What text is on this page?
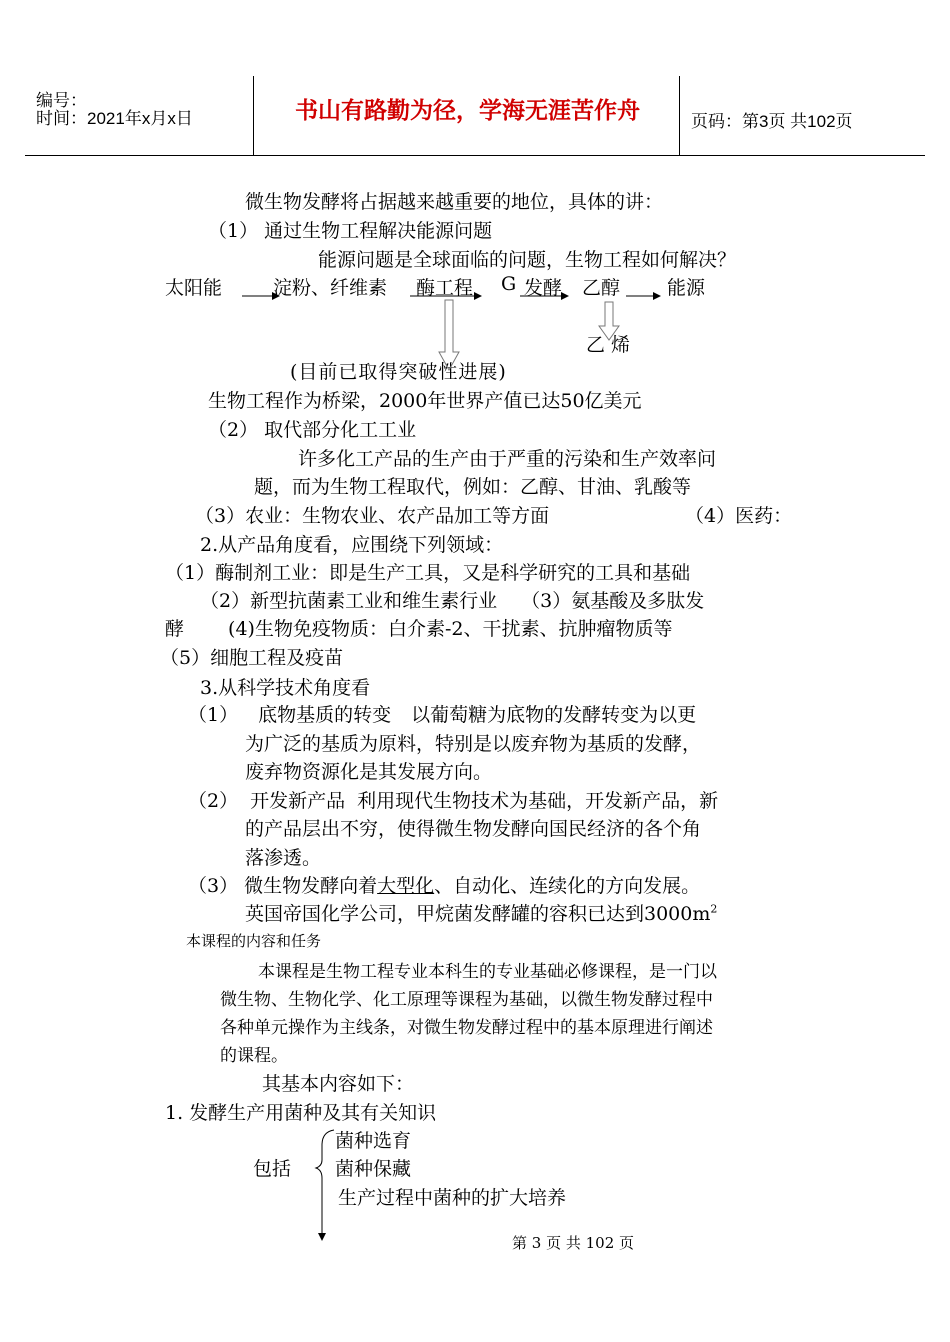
编号：
时间：2021年x月x日	书山有路勤为径，学海无涯苦作舟	页码：第3页 共102页
微生物发酵将占据越来越重要的地位，具体的讲：
（1） 通过生物工程解决能源问题
能源问题是全球面临的问题，生物工程如何解决？
太阳能	淀粉、纤维素 酶工程 G 发酵 乙醇 能源
乙 烯
(目前已取得突破性进展)
生物工程作为桥梁，2000年世界产值已达50亿美元
（2） 取代部分化工工业
许多化工产品的生产由于严重的污染和生产效率问
题，而为生物工程取代，例如：乙醇、甘油、乳酸等
（3）农业：生物农业、农产品加工等方面	（4）医药：
2.从产品角度看，应围绕下列领域：
（1）酶制剂工业：即是生产工具，又是科学研究的工具和基础
（2）新型抗菌素工业和维生素行业 （3）氨基酸及多肽发
酵 (4)生物免疫物质：白介素-2、干扰素、抗肿瘤物质等
（5）细胞工程及疫苗
3.从科学技术角度看
（1） 底物基质的转变 以葡萄糖为底物的发酵转变为以更
为广泛的基质为原料，特别是以废弃物为基质的发酵，
废弃物资源化是其发展方向。
（2） 开发新产品 利用现代生物技术为基础，开发新产品，新
的产品层出不穷，使得微生物发酵向国民经济的各个角
落渗透。
（3） 微生物发酵向着大型化、自动化、连续化的方向发展。
英国帝国化学公司，甲烷菌发酵罐的容积已达到$3000m^2$
本课程的内容和任务
本课程是生物工程专业本科生的专业基础必修课程，是一门以
微生物、生物化学、化工原理等课程为基础，以微生物发酵过程中
各种单元操作为主线条，对微生物发酵过程中的基本原理进行阐述
的课程。
其基本内容如下：
1. 发酵生产用菌种及其有关知识
包括
菌种选育
菌种保藏
生产过程中菌种的扩大培养
第 3 页 共 102 页
